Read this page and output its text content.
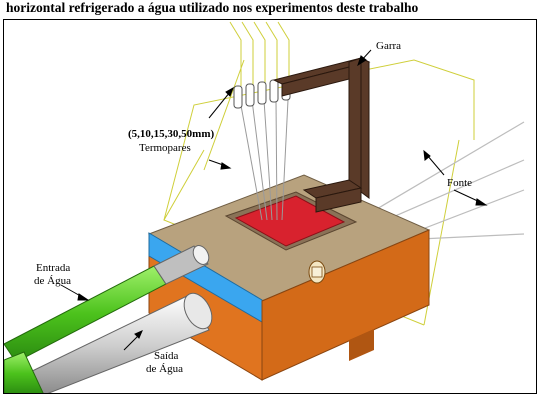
horizontal refrigerado a água utilizado nos experimentos deste trabalho
Garra
(5,10,15,30,50mm)
Termopares
Fonte
Entrada
de Água
Saída
de Água
